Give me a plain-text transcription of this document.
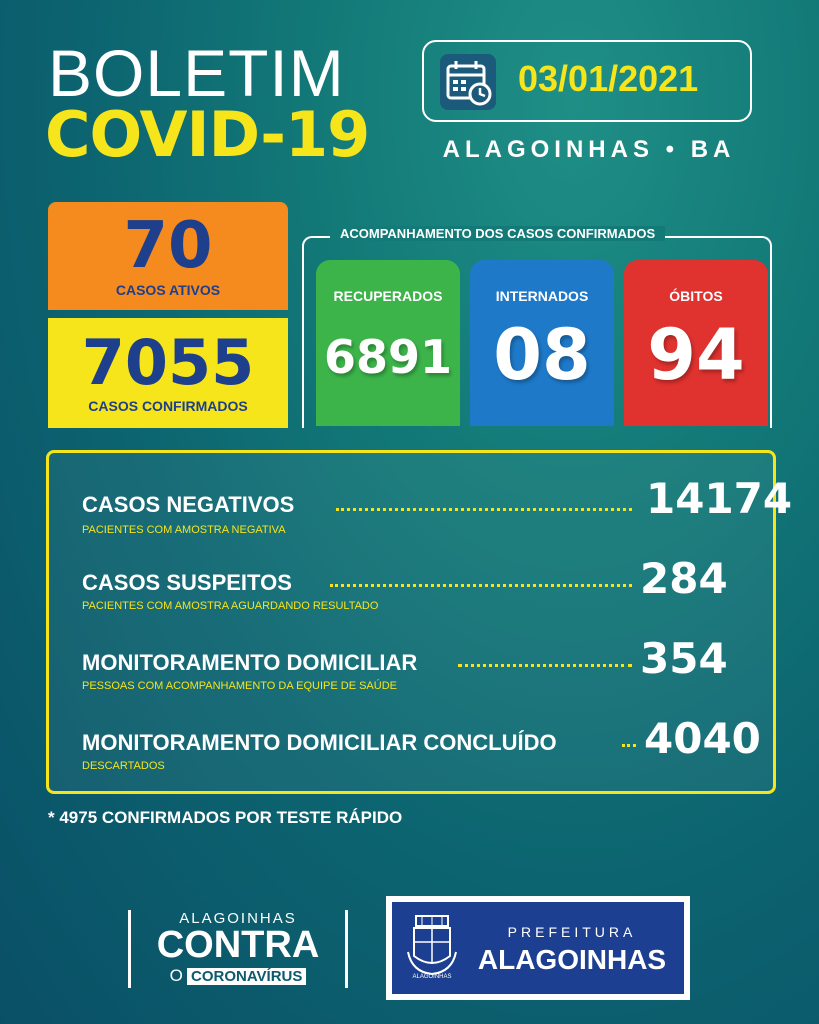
BOLETIM
COVID-19
03/01/2021
ALAGOINHAS • BA
70
CASOS ATIVOS
7055
CASOS CONFIRMADOS
ACOMPANHAMENTO DOS CASOS CONFIRMADOS
RECUPERADOS
6891
INTERNADOS
08
ÓBITOS
94
CASOS NEGATIVOS
PACIENTES COM AMOSTRA NEGATIVA
14174
CASOS SUSPEITOS
PACIENTES COM AMOSTRA AGUARDANDO RESULTADO
284
MONITORAMENTO DOMICILIAR
PESSOAS COM ACOMPANHAMENTO DA EQUIPE DE SAÚDE
354
MONITORAMENTO DOMICILIAR CONCLUÍDO
DESCARTADOS
4040
* 4975 CONFIRMADOS POR TESTE RÁPIDO
ALAGOINHAS
CONTRA
O CORONAVÍRUS	ALAGOINHAS
PREFEITURA
ALAGOINHAS
